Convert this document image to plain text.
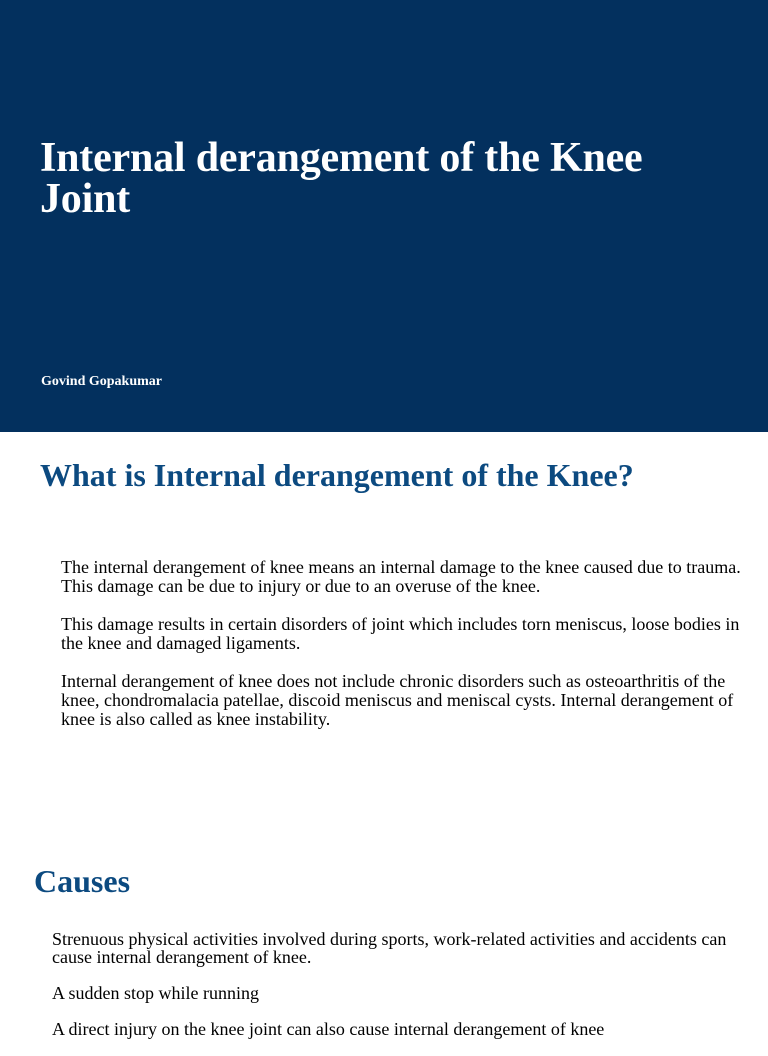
Internal derangement of the Knee Joint

Govind Gopakumar

What is Internal derangement of the Knee?

The internal derangement of knee means an internal damage to the knee caused due to trauma. This damage can be due to injury or due to an overuse of the knee.

This damage results in certain disorders of joint which includes torn meniscus, loose bodies in the knee and damaged ligaments.

Internal derangement of knee does not include chronic disorders such as osteoarthritis of the knee, chondromalacia patellae, discoid meniscus and meniscal cysts. Internal derangement of knee is also called as knee instability.

Causes

Strenuous physical activities involved during sports, work-related activities and accidents can cause internal derangement of knee.

A sudden stop while running

A direct injury on the knee joint can also cause internal derangement of knee
